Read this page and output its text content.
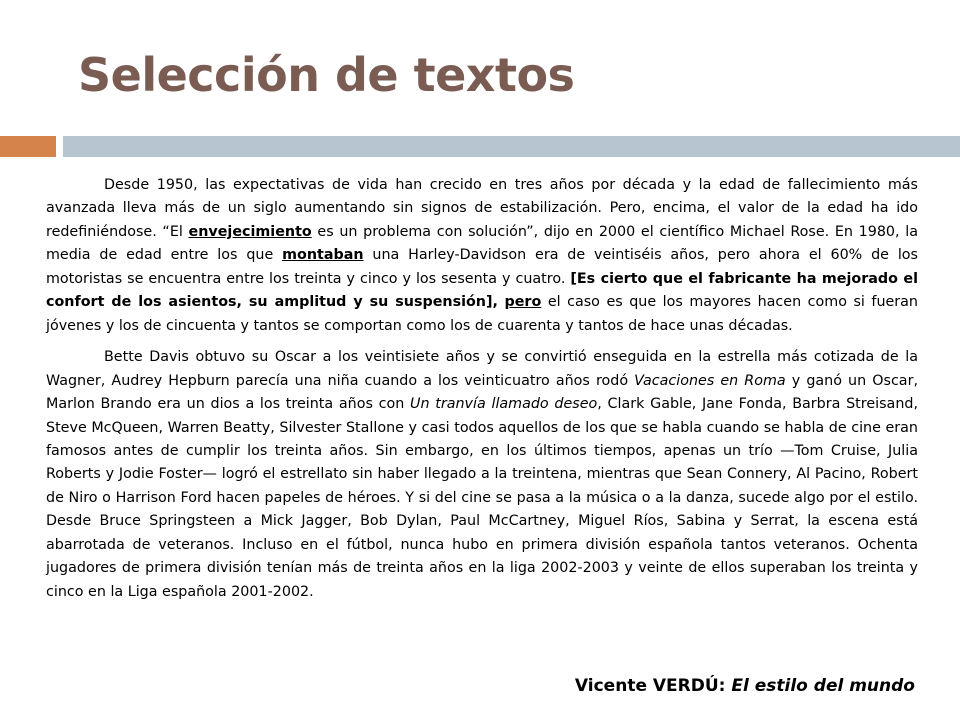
Selección de textos

Desde 1950, las expectativas de vida han crecido en tres años por década y la edad de fallecimiento más avanzada lleva más de un siglo aumentando sin signos de estabilización. Pero, encima, el valor de la edad ha ido redefiniéndose. “El envejecimiento es un problema con solución”, dijo en 2000 el científico Michael Rose. En 1980, la media de edad entre los que montaban una Harley-Davidson era de veintiséis años, pero ahora el 60% de los motoristas se encuentra entre los treinta y cinco y los sesenta y cuatro. [Es cierto que el fabricante ha mejorado el confort de los asientos, su amplitud y su suspensión], pero el caso es que los mayores hacen como si fueran jóvenes y los de cincuenta y tantos se comportan como los de cuarenta y tantos de hace unas décadas.

Bette Davis obtuvo su Oscar a los veintisiete años y se convirtió enseguida en la estrella más cotizada de la Wagner, Audrey Hepburn parecía una niña cuando a los veinticuatro años rodó Vacaciones en Roma y ganó un Oscar, Marlon Brando era un dios a los treinta años con Un tranvía llamado deseo, Clark Gable, Jane Fonda, Barbra Streisand, Steve McQueen, Warren Beatty, Silvester Stallone y casi todos aquellos de los que se habla cuando se habla de cine eran famosos antes de cumplir los treinta años. Sin embargo, en los últimos tiempos, apenas un trío —Tom Cruise, Julia Roberts y Jodie Foster— logró el estrellato sin haber llegado a la treintena, mientras que Sean Connery, Al Pacino, Robert de Niro o Harrison Ford hacen papeles de héroes. Y si del cine se pasa a la música o a la danza, sucede algo por el estilo. Desde Bruce Springsteen a Mick Jagger, Bob Dylan, Paul McCartney, Miguel Ríos, Sabina y Serrat, la escena está abarrotada de veteranos. Incluso en el fútbol, nunca hubo en primera división española tantos veteranos. Ochenta jugadores de primera división tenían más de treinta años en la liga 2002-2003 y veinte de ellos superaban los treinta y cinco en la Liga española 2001-2002.

Vicente VERDÚ: El estilo del mundo
